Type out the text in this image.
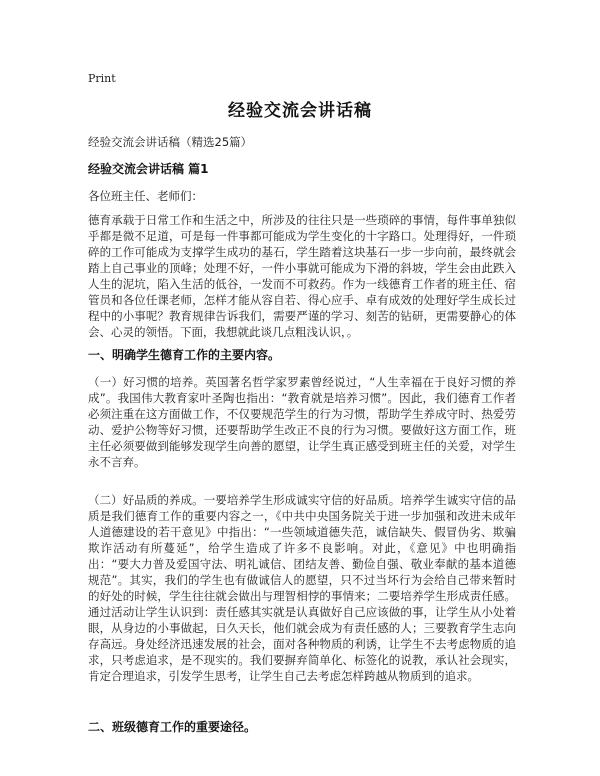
Print
经验交流会讲话稿
经验交流会讲话稿（精选25篇）
经验交流会讲话稿 篇1
各位班主任、老师们：

德育承载于日常工作和生活之中，所涉及的往往只是一些琐碎的事情，每件事单独似乎都是微不足道，可是每一件事都可能成为学生变化的十字路口。处理得好，一件琐碎的工作可能成为支撑学生成功的基石，学生踏着这块基石一步一步向前，最终就会踏上自己事业的顶峰；处理不好，一件小事就可能成为下滑的斜坡，学生会由此跌入人生的泥坑，陷入生活的低谷，一发而不可救药。作为一线德育工作者的班主任、宿管员和各位任课老师，怎样才能从容自若、得心应手、卓有成效的处理好学生成长过程中的小事呢？教育规律告诉我们，需要严谨的学习、刻苦的钻研，更需要静心的体会、心灵的领悟。下面，我想就此谈几点粗浅认识，。

一、明确学生德育工作的主要内容。

（一）好习惯的培养。英国著名哲学家罗素曾经说过，“人生幸福在于良好习惯的养成”。我国伟大教育家叶圣陶也指出：“教育就是培养习惯”。因此，我们德育工作者必须注重在这方面做工作，不仅要规范学生的行为习惯，帮助学生养成守时、热爱劳动、爱护公物等好习惯，还要帮助学生改正不良的行为习惯。要做好这方面工作，班主任必须要做到能够发现学生向善的愿望，让学生真正感受到班主任的关爱，对学生永不言弃。

（二）好品质的养成。一要培养学生形成诚实守信的好品质。培养学生诚实守信的品质是我们德育工作的重要内容之一，《中共中央国务院关于进一步加强和改进未成年人道德建设的若干意见》中指出：“一些领域道德失范，诚信缺失、假冒伪劣、欺骗欺诈活动有所蔓延”，给学生造成了许多不良影响。对此，《意见》中也明确指出：“要大力普及爱国守法、明礼诚信、团结友善、勤俭自强、敬业奉献的基本道德规范”。其实，我们的学生也有做诚信人的愿望，只不过当坏行为会给自己带来暂时的好处的时候，学生往往就会做出与理智相悖的事情来；二要培养学生形成责任感。通过活动让学生认识到：责任感其实就是认真做好自己应该做的事，让学生从小处着眼，从身边的小事做起，日久天长，他们就会成为有责任感的人；三要教育学生志向存高远。身处经济迅速发展的社会，面对各种物质的利诱，让学生不去考虑物质的追求，只考虑追求，是不现实的。我们要摒弃简单化、标签化的说教，承认社会现实，肯定合理追求，引发学生思考，让学生自己去考虑怎样跨越从物质到的追求。

二、班级德育工作的重要途径。
